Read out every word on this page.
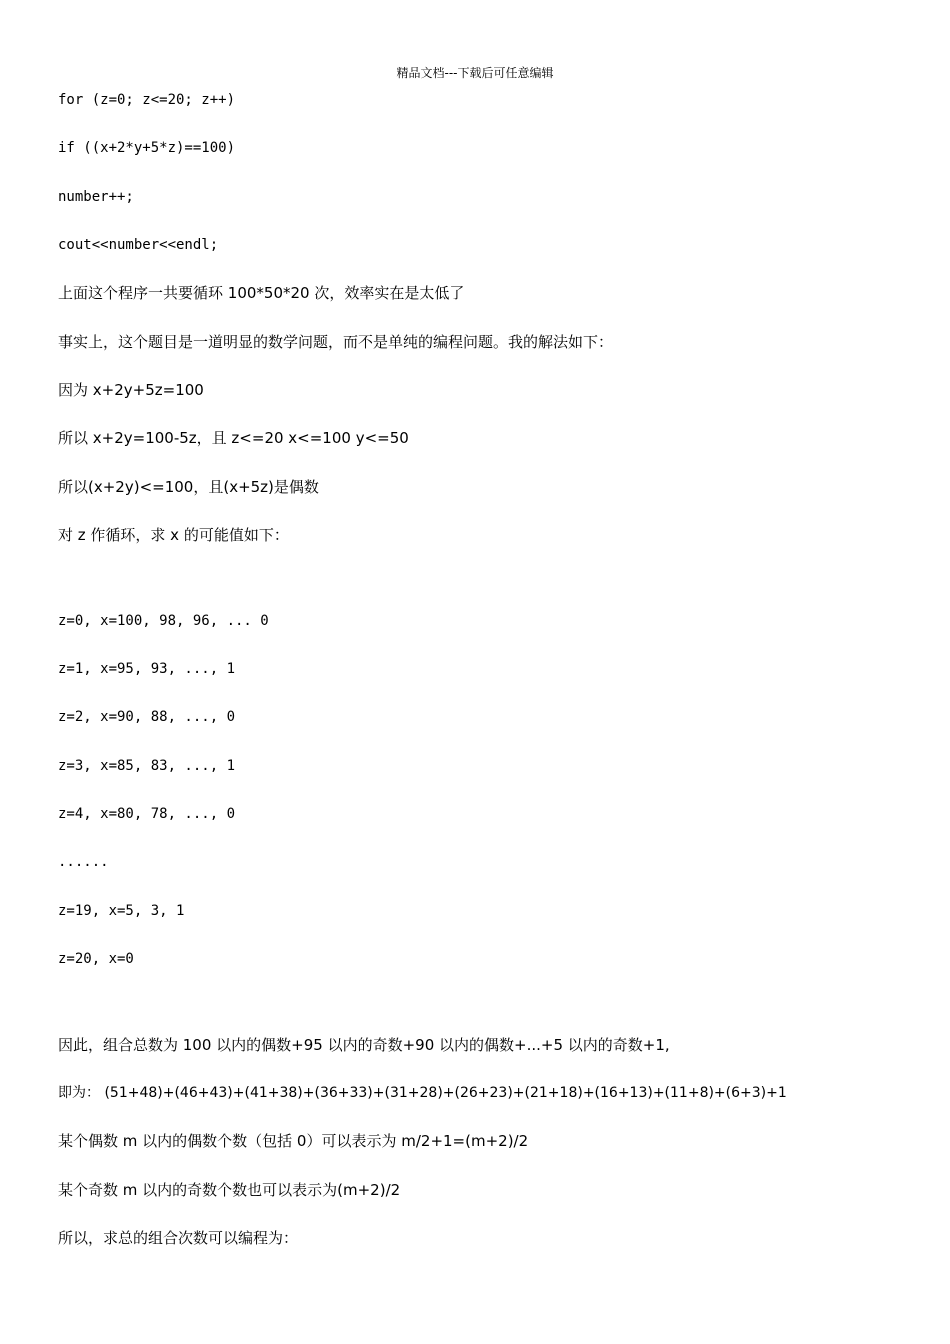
精品文档---下载后可任意编辑
for (z=0; z<=20; z++)
if ((x+2*y+5*z)==100)
number++;
cout<<number<<endl;
上面这个程序一共要循环 100*50*20 次，效率实在是太低了
事实上，这个题目是一道明显的数学问题，而不是单纯的编程问题。我的解法如下：
因为 x+2y+5z=100
所以 x+2y=100-5z，且 z<=20 x<=100 y<=50
所以(x+2y)<=100，且(x+5z)是偶数
对 z 作循环，求 x 的可能值如下：
z=0, x=100, 98, 96, ... 0
z=1, x=95, 93, ..., 1
z=2, x=90, 88, ..., 0
z=3, x=85, 83, ..., 1
z=4, x=80, 78, ..., 0
......
z=19, x=5, 3, 1
z=20, x=0
因此，组合总数为 100 以内的偶数+95 以内的奇数+90 以内的偶数+...+5 以内的奇数+1,
即为： (51+48)+(46+43)+(41+38)+(36+33)+(31+28)+(26+23)+(21+18)+(16+13)+(11+8)+(6+3)+1
某个偶数 m 以内的偶数个数（包括 0）可以表示为 m/2+1=(m+2)/2
某个奇数 m 以内的奇数个数也可以表示为(m+2)/2
所以，求总的组合次数可以编程为：
